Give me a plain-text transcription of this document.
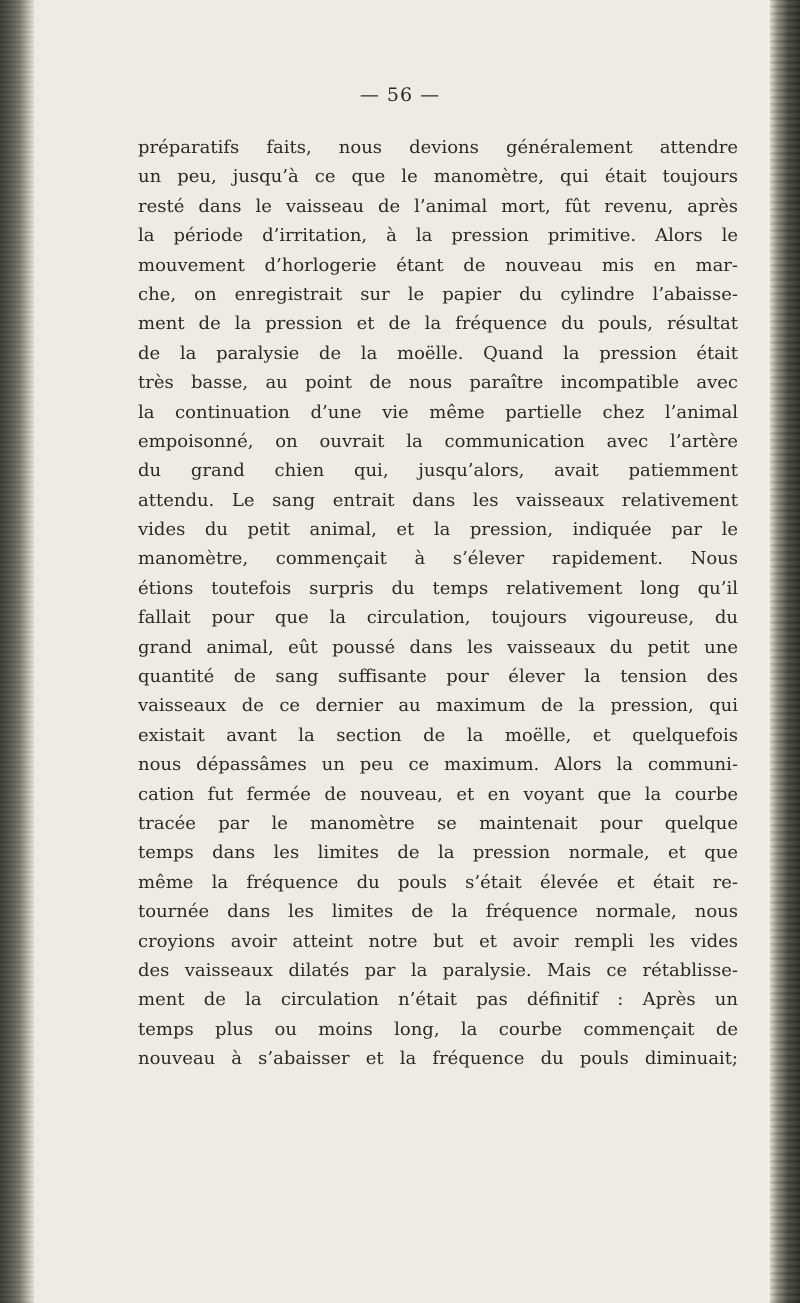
— 56 —
préparatifs faits, nous devions généralement attendre
un peu, jusqu’à ce que le manomètre, qui était toujours
resté dans le vaisseau de l’animal mort, fût revenu, après
la période d’irritation, à la pression primitive. Alors le
mouvement d’horlogerie étant de nouveau mis en mar-
che, on enregistrait sur le papier du cylindre l’abaisse-
ment de la pression et de la fréquence du pouls, résultat
de la paralysie de la moëlle. Quand la pression était
très basse, au point de nous paraître incompatible avec
la continuation d’une vie même partielle chez l’animal
empoisonné, on ouvrait la communication avec l’artère
du grand chien qui, jusqu’alors, avait patiemment
attendu. Le sang entrait dans les vaisseaux relativement
vides du petit animal, et la pression, indiquée par le
manomètre, commençait à s’élever rapidement. Nous
étions toutefois surpris du temps relativement long qu’il
fallait pour que la circulation, toujours vigoureuse, du
grand animal, eût poussé dans les vaisseaux du petit une
quantité de sang suffisante pour élever la tension des
vaisseaux de ce dernier au maximum de la pression, qui
existait avant la section de la moëlle, et quelquefois
nous dépassâmes un peu ce maximum. Alors la communi-
cation fut fermée de nouveau, et en voyant que la courbe
tracée par le manomètre se maintenait pour quelque
temps dans les limites de la pression normale, et que
même la fréquence du pouls s’était élevée et était re-
tournée dans les limites de la fréquence normale, nous
croyions avoir atteint notre but et avoir rempli les vides
des vaisseaux dilatés par la paralysie. Mais ce rétablisse-
ment de la circulation n’était pas définitif : Après un
temps plus ou moins long, la courbe commençait de
nouveau à s’abaisser et la fréquence du pouls diminuait;
